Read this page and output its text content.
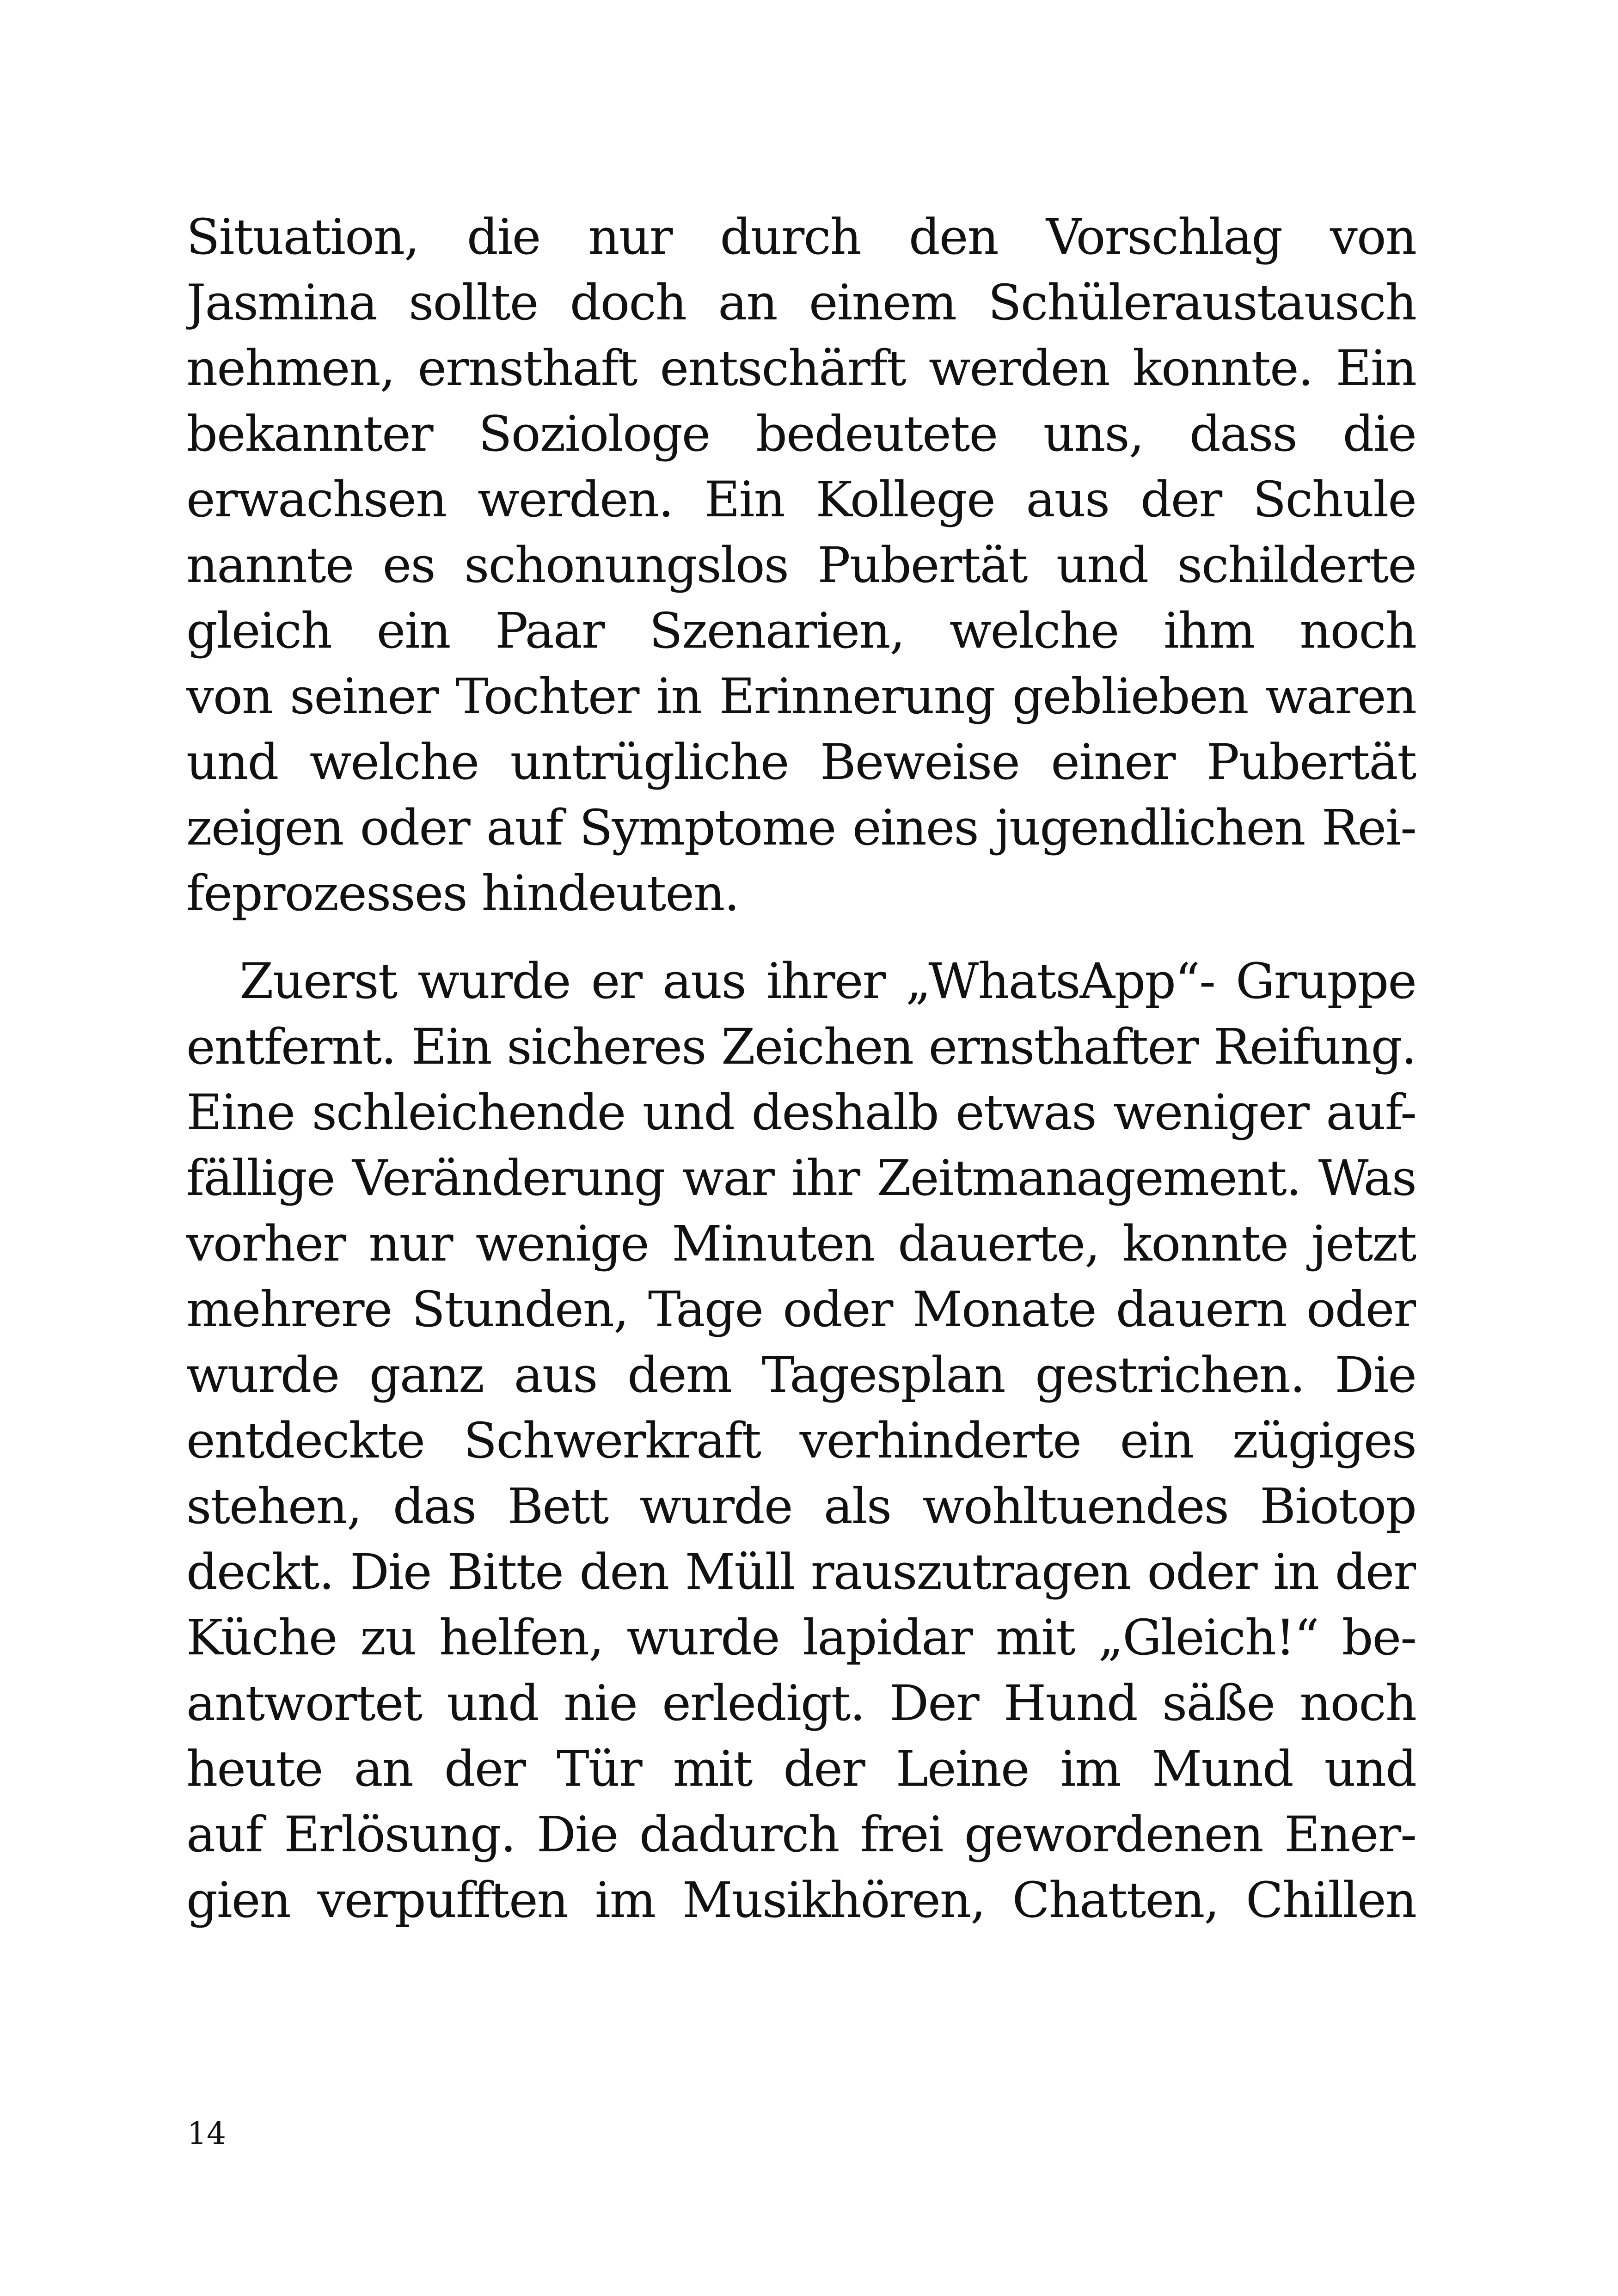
Situation, die nur durch den Vorschlag von
Jasmina sollte doch an einem Schüleraustausch
nehmen, ernsthaft entschärft werden konnte. Ein
bekannter Soziologe bedeutete uns, dass die
erwachsen werden. Ein Kollege aus der Schule
nannte es schonungslos Pubertät und schilderte
gleich ein Paar Szenarien, welche ihm noch
von seiner Tochter in Erinnerung geblieben waren
und welche untrügliche Beweise einer Pubertät
zeigen oder auf Symptome eines jugendlichen Rei-
feprozesses hindeuten.
Zuerst wurde er aus ihrer „WhatsApp“- Gruppe
entfernt. Ein sicheres Zeichen ernsthafter Reifung.
Eine schleichende und deshalb etwas weniger auf-
fällige Veränderung war ihr Zeitmanagement. Was
vorher nur wenige Minuten dauerte, konnte jetzt
mehrere Stunden, Tage oder Monate dauern oder
wurde ganz aus dem Tagesplan gestrichen. Die
entdeckte Schwerkraft verhinderte ein zügiges
stehen, das Bett wurde als wohltuendes Biotop
deckt. Die Bitte den Müll rauszutragen oder in der
Küche zu helfen, wurde lapidar mit „Gleich!“ be-
antwortet und nie erledigt. Der Hund säße noch
heute an der Tür mit der Leine im Mund und
auf Erlösung. Die dadurch frei gewordenen Ener-
gien verpufften im Musikhören, Chatten, Chillen
14
